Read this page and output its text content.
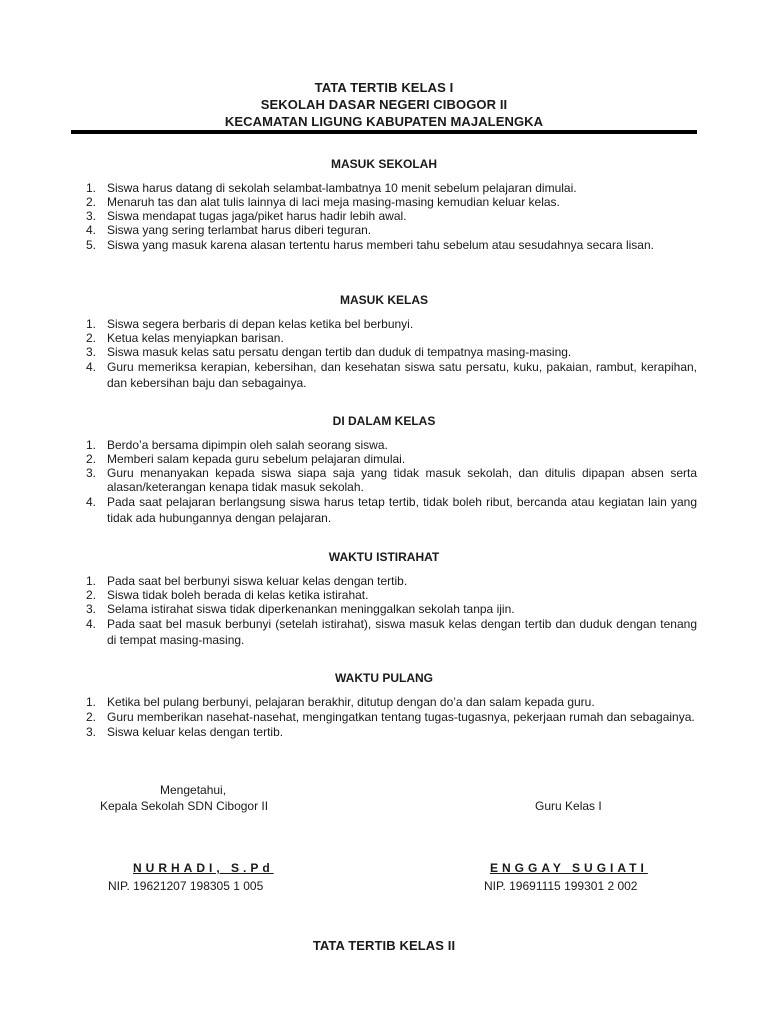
TATA TERTIB KELAS I
SEKOLAH DASAR NEGERI CIBOGOR II
KECAMATAN LIGUNG KABUPATEN MAJALENGKA
MASUK SEKOLAH
1. Siswa harus datang di sekolah selambat-lambatnya 10 menit sebelum pelajaran dimulai.
2. Menaruh tas dan alat tulis lainnya di laci meja masing-masing kemudian keluar kelas.
3. Siswa mendapat tugas jaga/piket harus hadir lebih awal.
4. Siswa yang sering terlambat harus diberi teguran.
5. Siswa yang masuk karena alasan tertentu harus memberi tahu sebelum atau sesudahnya secara lisan.
MASUK KELAS
1. Siswa segera berbaris di depan kelas ketika bel berbunyi.
2. Ketua kelas menyiapkan barisan.
3. Siswa masuk kelas satu persatu dengan tertib dan duduk di tempatnya masing-masing.
4. Guru memeriksa kerapian, kebersihan, dan kesehatan siswa satu persatu, kuku, pakaian, rambut, kerapihan, dan kebersihan baju dan sebagainya.
DI DALAM KELAS
1. Berdo’a bersama dipimpin oleh salah seorang siswa.
2. Memberi salam kepada guru sebelum pelajaran dimulai.
3. Guru menanyakan kepada siswa siapa saja yang tidak masuk sekolah, dan ditulis dipapan absen serta alasan/keterangan kenapa tidak masuk sekolah.
4. Pada saat pelajaran berlangsung siswa harus tetap tertib, tidak boleh ribut, bercanda atau kegiatan lain yang tidak ada hubungannya dengan pelajaran.
WAKTU ISTIRAHAT
1. Pada saat bel berbunyi siswa keluar kelas dengan tertib.
2. Siswa tidak boleh berada di kelas ketika istirahat.
3. Selama istirahat siswa tidak diperkenankan meninggalkan sekolah tanpa ijin.
4. Pada saat bel masuk berbunyi (setelah istirahat), siswa masuk kelas dengan tertib dan duduk dengan tenang di tempat masing-masing.
WAKTU PULANG
1. Ketika bel pulang berbunyi, pelajaran berakhir, ditutup dengan do’a dan salam kepada guru.
2. Guru memberikan nasehat-nasehat, mengingatkan tentang tugas-tugasnya, pekerjaan rumah dan sebagainya.
3. Siswa keluar kelas dengan tertib.
Mengetahui,
Kepala Sekolah SDN Cibogor II	Guru Kelas I
NURHADI, S.Pd
NIP. 19621207 198305 1 005
ENGGAY SUGIATI
NIP. 19691115 199301 2 002
TATA TERTIB KELAS II
